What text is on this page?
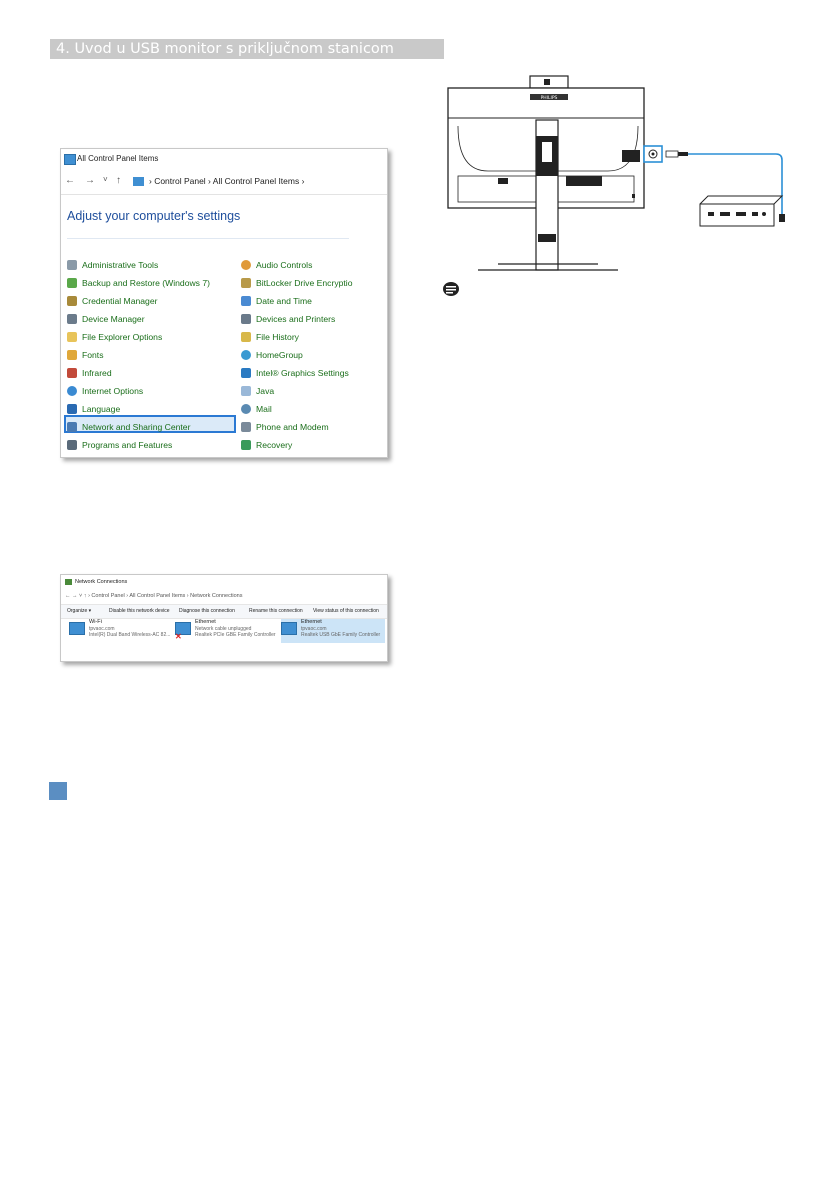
4. Uvod u USB monitor s priključnom stanicom
All Control Panel Items
← → ˅ ↑	› Control Panel › All Control Panel Items ›
Adjust your computer's settings
Administrative Tools
Backup and Restore (Windows 7)
Credential Manager
Device Manager
File Explorer Options
Fonts
Infrared
Internet Options
Language
Network and Sharing Center
Programs and Features
Audio Controls
BitLocker Drive Encryptio
Date and Time
Devices and Printers
File History
HomeGroup
Intel® Graphics Settings
Java
Mail
Phone and Modem
Recovery
Network Connections
← → ˅ ↑ › Control Panel › All Control Panel Items › Network Connections
Organize ▾	Disable this network device Diagnose this connection	Rename this connection View status of this connection
Wi-Fi
tpvaoc.com
Intel(R) Dual Band Wireless-AC 82... ✕
Ethernet
Network cable unplugged
Realtek PCIe GBE Family Controller
Ethernet
tpvaoc.com
Realtek USB GbE Family Controller
PHILIPS
